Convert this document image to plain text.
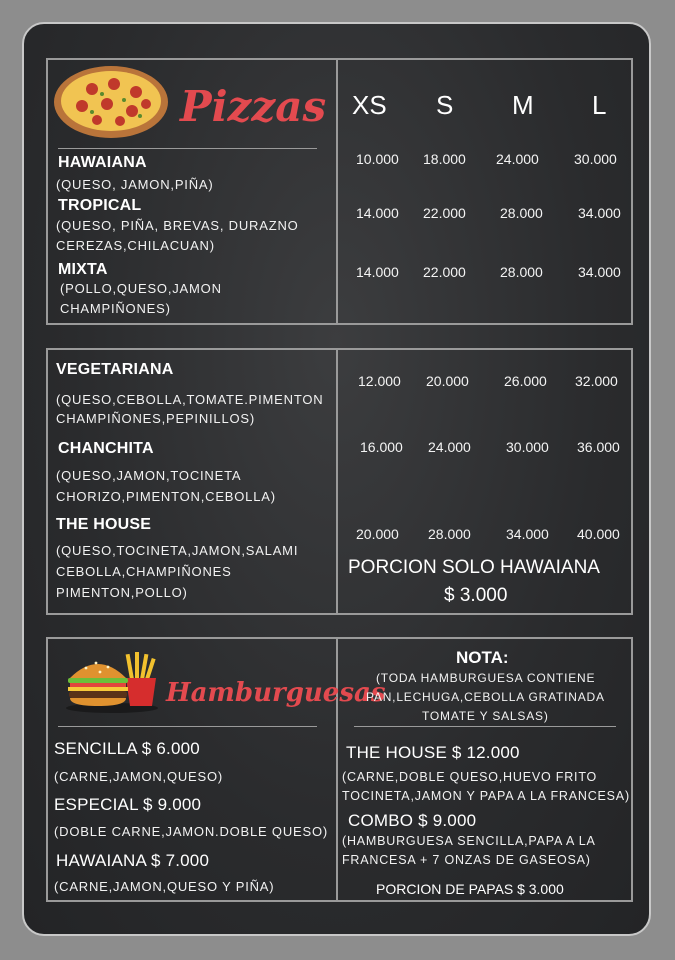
Pizzas XS S M L
HAWAIANA
(QUESO, JAMON,PIÑA)
10.000 18.000 24.000	30.000
TROPICAL
(QUESO, PIÑA, BREVAS, DURAZNO
CEREZAS,CHILACUAN)
14.000 22.000 28.000	34.000
MIXTA
(POLLO,QUESO,JAMON
CHAMPIÑONES)
14.000 22.000 28.000	34.000
VEGETARIANA
(QUESO,CEBOLLA,TOMATE.PIMENTON
CHAMPIÑONES,PEPINILLOS)
12.000 20.000	26.000 32.000
CHANCHITA
(QUESO,JAMON,TOCINETA
CHORIZO,PIMENTON,CEBOLLA)
16.000 24.000	30.000 36.000
THE HOUSE
(QUESO,TOCINETA,JAMON,SALAMI
CEBOLLA,CHAMPIÑONES
PIMENTON,POLLO)
20.000 28.000	34.000 40.000
PORCION SOLO HAWAIANA
$ 3.000
Hamburguesas
SENCILLA $ 6.000
(CARNE,JAMON,QUESO)
ESPECIAL $ 9.000
(DOBLE CARNE,JAMON.DOBLE QUESO)
HAWAIANA $ 7.000
(CARNE,JAMON,QUESO Y PIÑA)
NOTA:
(TODA HAMBURGUESA CONTIENE
PAN,LECHUGA,CEBOLLA GRATINADA
TOMATE Y SALSAS)
THE HOUSE $ 12.000
(CARNE,DOBLE QUESO,HUEVO FRITO
TOCINETA,JAMON Y PAPA A LA FRANCESA)
COMBO $ 9.000
(HAMBURGUESA SENCILLA,PAPA A LA
FRANCESA + 7 ONZAS DE GASEOSA)
PORCION DE PAPAS $ 3.000
